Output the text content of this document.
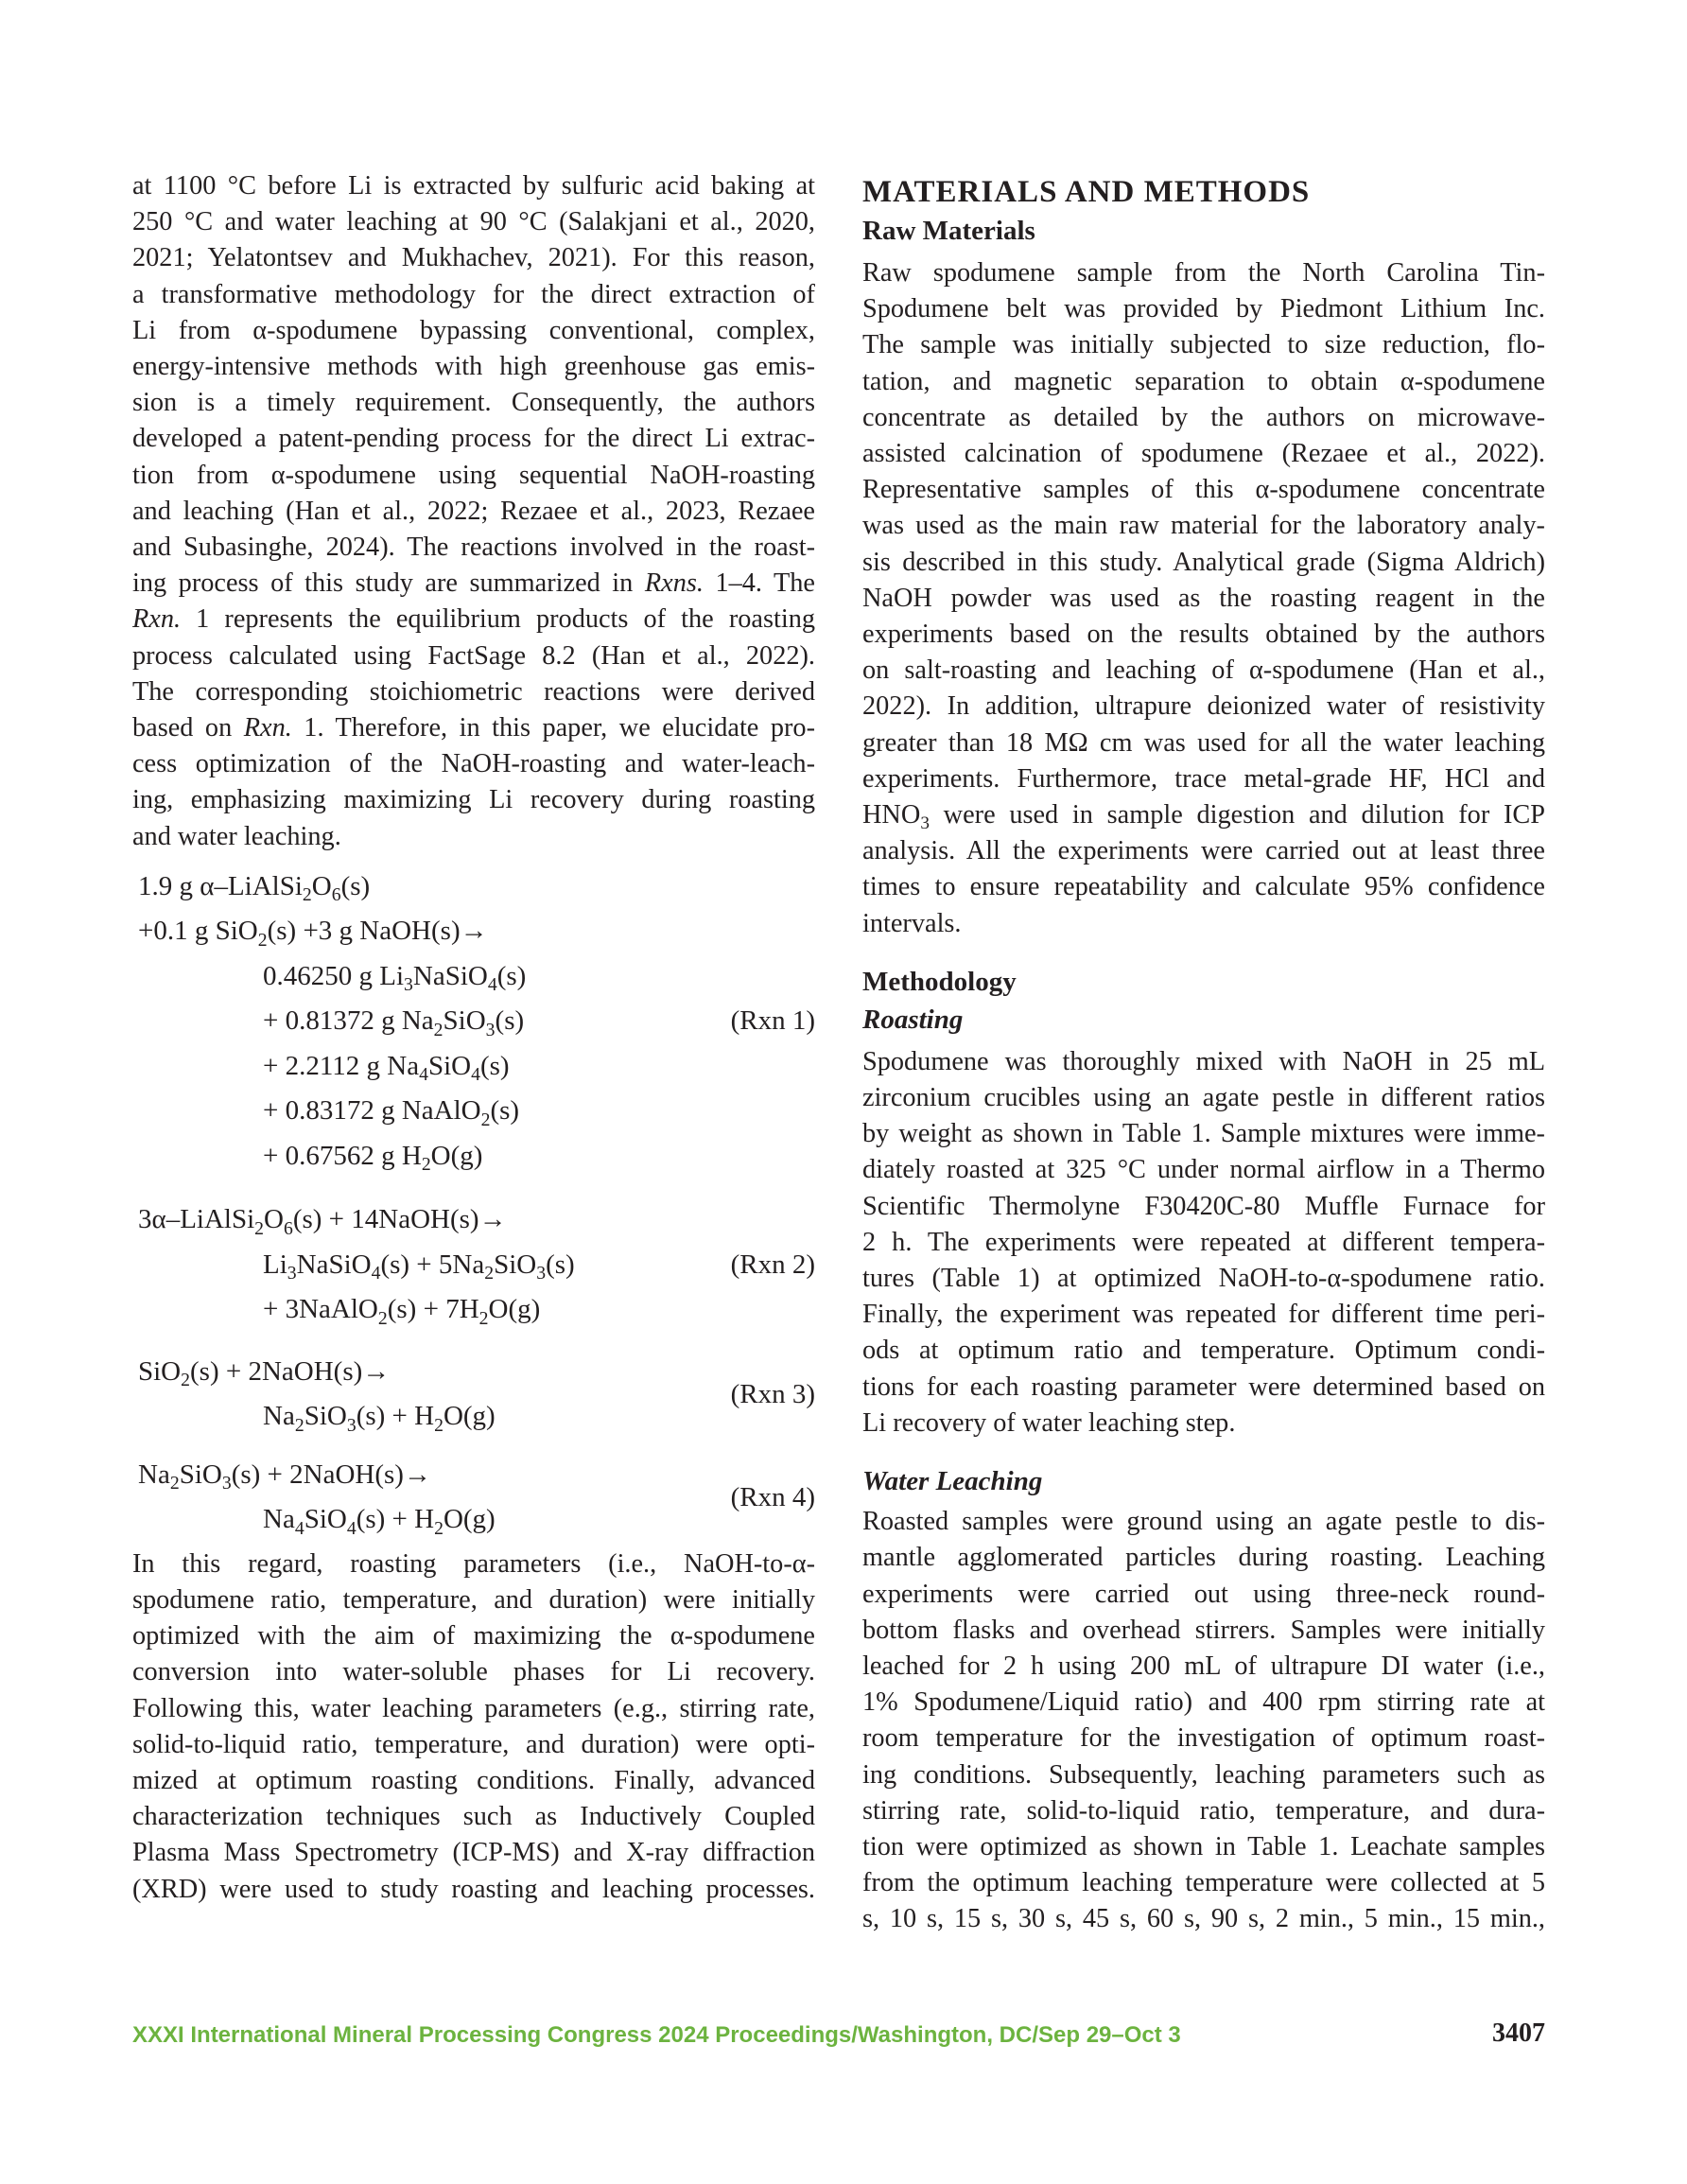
at 1100 °C before Li is extracted by sulfuric acid baking at

250 °C and water leaching at 90 °C (Salakjani et al., 2020,

2021; Yelatontsev and Mukhachev, 2021). For this reason,

a transformative methodology for the direct extraction of

Li from α-spodumene bypassing conventional, complex,

energy-intensive methods with high greenhouse gas emis-

sion is a timely requirement. Consequently, the authors

developed a patent-pending process for the direct Li extrac-

tion from α-spodumene using sequential NaOH-roasting

and leaching (Han et al., 2022; Rezaee et al., 2023, Rezaee

and Subasinghe, 2024). The reactions involved in the roast-

ing process of this study are summarized in Rxns. 1–4. The

Rxn. 1 represents the equilibrium products of the roasting

process calculated using FactSage 8.2 (Han et al., 2022).

The corresponding stoichiometric reactions were derived

based on Rxn. 1. Therefore, in this paper, we elucidate pro-

cess optimization of the NaOH-roasting and water-leach-

ing, emphasizing maximizing Li recovery during roasting

and water leaching.

1.9 g $\alpha-LiAlSi_2O_6(s)$
+0.1 g SiO$_2$(s) +3 g NaOH(s)→
0.46250 g $Li_3NaSiO_4(s)$
+ 0.81372 g $Na_2SiO_3(s)$	(Rxn 1)
+ 2.2112 g $Na_4SiO_4(s)$
+ 0.83172 g NaAlO$_2$(s)
+ 0.67562 g $H_2O(g)$
$3\alpha-LiAlSi_2O_6(s)$ + 14NaOH(s)→
$Li_3NaSiO_4(s) + 5Na_2SiO_3(s)$	(Rxn 2)
+ 3NaAlO$_2$(s) + $7H_2O(g)$
SiO$_2$(s) + 2NaOH(s)→
$Na_2SiO_3(s) + H_2O(g)$
(Rxn 3)
$Na_2SiO_3(s)$ + 2NaOH(s)→
$Na_4SiO_4(s) + H_2O(g)$
(Rxn 4)

In this regard, roasting parameters (i.e., NaOH-to-α-

spodumene ratio, temperature, and duration) were initially

optimized with the aim of maximizing the α-spodumene

conversion into water-soluble phases for Li recovery.

Following this, water leaching parameters (e.g., stirring rate,

solid-to-liquid ratio, temperature, and duration) were opti-

mized at optimum roasting conditions. Finally, advanced

characterization techniques such as Inductively Coupled

Plasma Mass Spectrometry (ICP-MS) and X-ray diffraction

(XRD) were used to study roasting and leaching processes.

MATERIALS AND METHODS
Raw Materials

Raw spodumene sample from the North Carolina Tin-

Spodumene belt was provided by Piedmont Lithium Inc.

The sample was initially subjected to size reduction, flo-

tation, and magnetic separation to obtain α-spodumene

concentrate as detailed by the authors on microwave-

assisted calcination of spodumene (Rezaee et al., 2022).

Representative samples of this α-spodumene concentrate

was used as the main raw material for the laboratory analy-

sis described in this study. Analytical grade (Sigma Aldrich)

NaOH powder was used as the roasting reagent in the

experiments based on the results obtained by the authors

on salt-roasting and leaching of α-spodumene (Han et al.,

2022). In addition, ultrapure deionized water of resistivity

greater than 18 MΩ cm was used for all the water leaching

experiments. Furthermore, trace metal-grade HF, HCl and

$HNO_3$ were used in sample digestion and dilution for ICP

analysis. All the experiments were carried out at least three

times to ensure repeatability and calculate 95% confidence

intervals.

Methodology
Roasting

Spodumene was thoroughly mixed with NaOH in 25 mL

zirconium crucibles using an agate pestle in different ratios

by weight as shown in Table 1. Sample mixtures were imme-

diately roasted at 325 °C under normal airflow in a Thermo

Scientific Thermolyne F30420C-80 Muffle Furnace for

2 h. The experiments were repeated at different tempera-

tures (Table 1) at optimized NaOH-to-α-spodumene ratio.

Finally, the experiment was repeated for different time peri-

ods at optimum ratio and temperature. Optimum condi-

tions for each roasting parameter were determined based on

Li recovery of water leaching step.

Water Leaching

Roasted samples were ground using an agate pestle to dis-

mantle agglomerated particles during roasting. Leaching

experiments were carried out using three-neck round-

bottom flasks and overhead stirrers. Samples were initially

leached for 2 h using 200 mL of ultrapure DI water (i.e.,

1% Spodumene/Liquid ratio) and 400 rpm stirring rate at

room temperature for the investigation of optimum roast-

ing conditions. Subsequently, leaching parameters such as

stirring rate, solid-to-liquid ratio, temperature, and dura-

tion were optimized as shown in Table 1. Leachate samples

from the optimum leaching temperature were collected at 5

s, 10 s, 15 s, 30 s, 45 s, 60 s, 90 s, 2 min., 5 min., 15 min.,

XXXI International Mineral Processing Congress 2024 Proceedings/Washington, DC/Sep 29–Oct 3	3407
